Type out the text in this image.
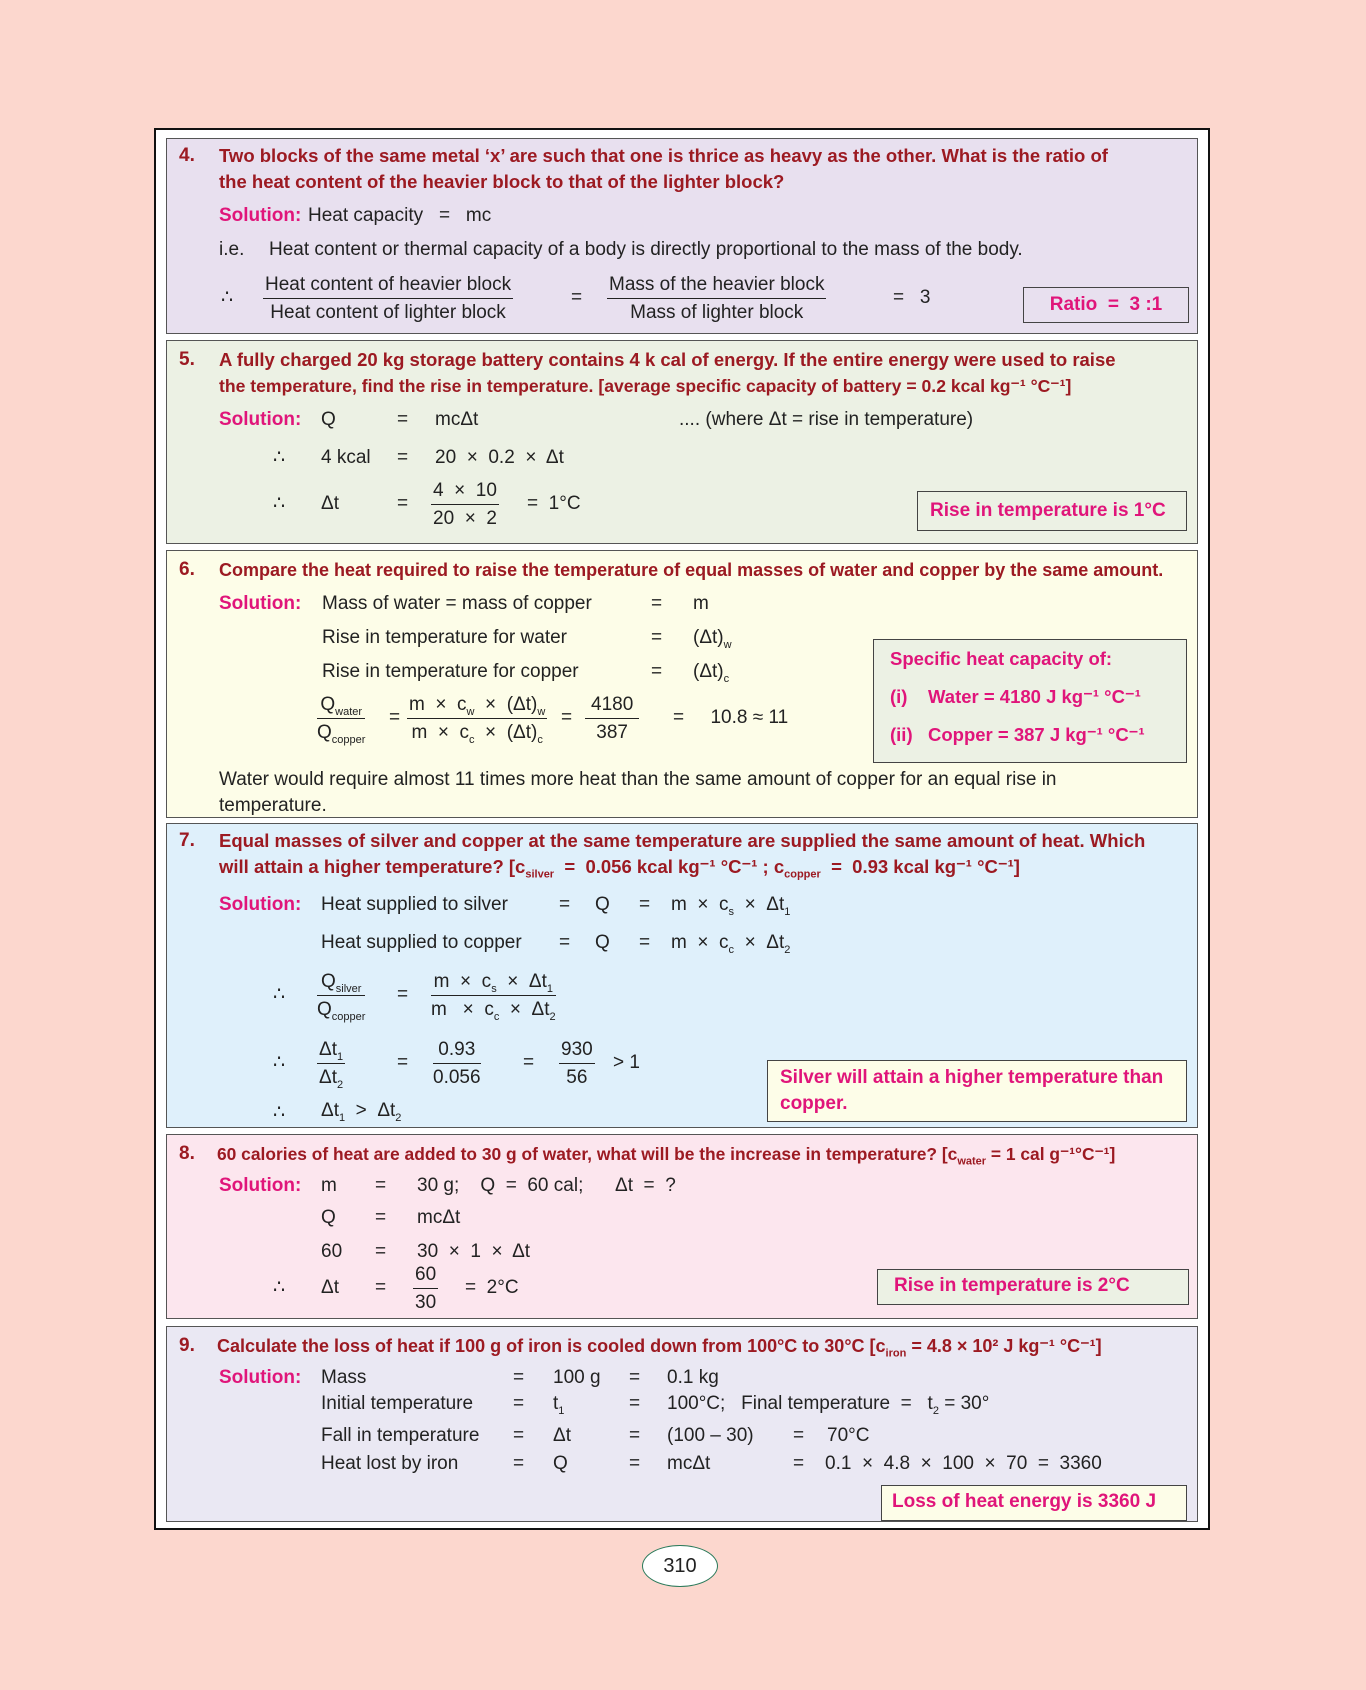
4. Two blocks of the same metal ‘x’ are such that one is thrice as heavy as the other. What is the ratio of
the heat content of the heavier block to that of the lighter block?
Solution: Heat capacity   =   mc
i.e. Heat content or thermal capacity of a body is directly proportional to the mass of the body.
∴
Heat content of heavier block
Heat content of lighter block
=
Mass of the heavier block
Mass of lighter block
=   3	Ratio  =  3 :1
5. A fully charged 20 kg storage battery contains 4 k cal of energy. If the entire energy were used to raise
the temperature, find the rise in temperature. [average specific capacity of battery = 0.2 kcal kg⁻¹ °C⁻¹]
Solution: Q	= mcΔt	.... (where Δt = rise in temperature)
∴ 4 kcal = 20  ×  0.2  ×  Δt
∴ Δt	= $\frac{4 \times 10}{20 \times 2} = 1^\circ C$	Rise in temperature is 1°C
6. Compare the heat required to raise the temperature of equal masses of water and copper by the same amount.
Solution: Mass of water = mass of copper	= m
Rise in temperature for water	= $(\Delta t)_w$
Rise in temperature for copper	= $(\Delta t)_c$
$Q_{water}$
$Q_{copper}$
= $\frac{m \times c_w \times (\Delta t)_w}{m \times c_c \times (\Delta t)_c} = \frac{4180}{387}$ =     10.8 ≈ 11
Water would require almost 11 times more heat than the same amount of copper for an equal rise in
temperature.
Specific heat capacity of:
(i) Water = 4180 J kg⁻¹ °C⁻¹
(ii) Copper = 387 J kg⁻¹ °C⁻¹
7. Equal masses of silver and copper at the same temperature are supplied the same amount of heat. Which
will attain a higher temperature? [$c_{silver} = 0.056$ kcal kg⁻¹ °C⁻¹ ; $c_{copper} = 0.93$ kcal kg⁻¹ °C⁻¹]
Solution: Heat supplied to silver	= $Q = m \times c_s \times \Delta t_1$
Heat supplied to copper = $Q = m \times c_c \times \Delta t_2$
∴
$Q_{silver}$
$Q_{copper}$
= $\frac{m \times c_s \times \Delta t_1}{m \times c_c \times \Delta t_2}$
∴ $\frac{\Delta t_1}{\Delta t_2}$	= $\frac{0.93}{0.056} = \frac{930}{56} > 1$
∴ $\Delta t_1 > \Delta t_2$
Silver will attain a higher temperature than
copper.
8. 60 calories of heat are added to 30 g of water, what will be the increase in temperature? [$c_{water} = 1$ cal g⁻¹°C⁻¹]
Solution: m = 30 g;    Q  =  60 cal;      Δt  =  ?
Q = mcΔt
60 = 30  ×  1  ×  Δt
∴ $\Delta t = \frac{60}{30} = 2^\circ C$	Rise in temperature is 2°C
9. Calculate the loss of heat if 100 g of iron is cooled down from 100°C to 30°C [$c_{iron} = 4.8 \times 10^2$ J kg⁻¹ °C⁻¹]
Solution: Mass	= 100 g = 0.1 kg
Initial temperature = $t_1$	= 100°C;   Final temperature  =   $t_2 = 30^\circ$
Fall in temperature = Δt	= (100 – 30) = 70°C
Heat lost by iron	= Q	= mcΔt	= 0.1  ×  4.8  ×  100  ×  70  =  3360
Loss of heat energy is 3360 J
310
